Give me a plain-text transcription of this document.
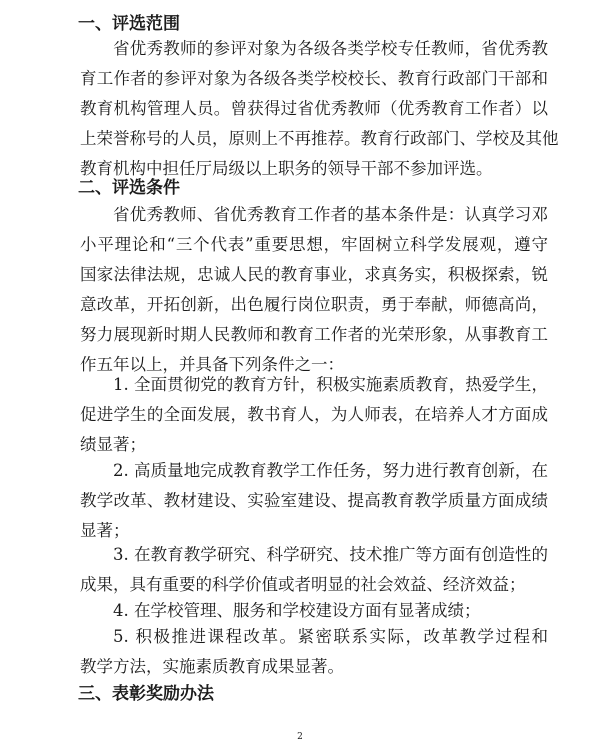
一、评选范围
省优秀教师的参评对象为各级各类学校专任教师，省优秀教
育工作者的参评对象为各级各类学校校长、教育行政部门干部和
教育机构管理人员。曾获得过省优秀教师（优秀教育工作者）以
上荣誉称号的人员，原则上不再推荐。教育行政部门、学校及其他
教育机构中担任厅局级以上职务的领导干部不参加评选。
二、评选条件
省优秀教师、省优秀教育工作者的基本条件是：认真学习邓
小平理论和“三个代表”重要思想，牢固树立科学发展观，遵守
国家法律法规，忠诚人民的教育事业，求真务实，积极探索，锐
意改革，开拓创新，出色履行岗位职责，勇于奉献，师德高尚，
努力展现新时期人民教师和教育工作者的光荣形象，从事教育工
作五年以上，并具备下列条件之一：
1. 全面贯彻党的教育方针，积极实施素质教育，热爱学生，
促进学生的全面发展，教书育人，为人师表，在培养人才方面成
绩显著；
2. 高质量地完成教育教学工作任务，努力进行教育创新，在
教学改革、教材建设、实验室建设、提高教育教学质量方面成绩
显著；
3. 在教育教学研究、科学研究、技术推广等方面有创造性的
成果，具有重要的科学价值或者明显的社会效益、经济效益；
4. 在学校管理、服务和学校建设方面有显著成绩；
5. 积极推进课程改革。紧密联系实际，改革教学过程和
教学方法，实施素质教育成果显著。
三、表彰奖励办法
2
